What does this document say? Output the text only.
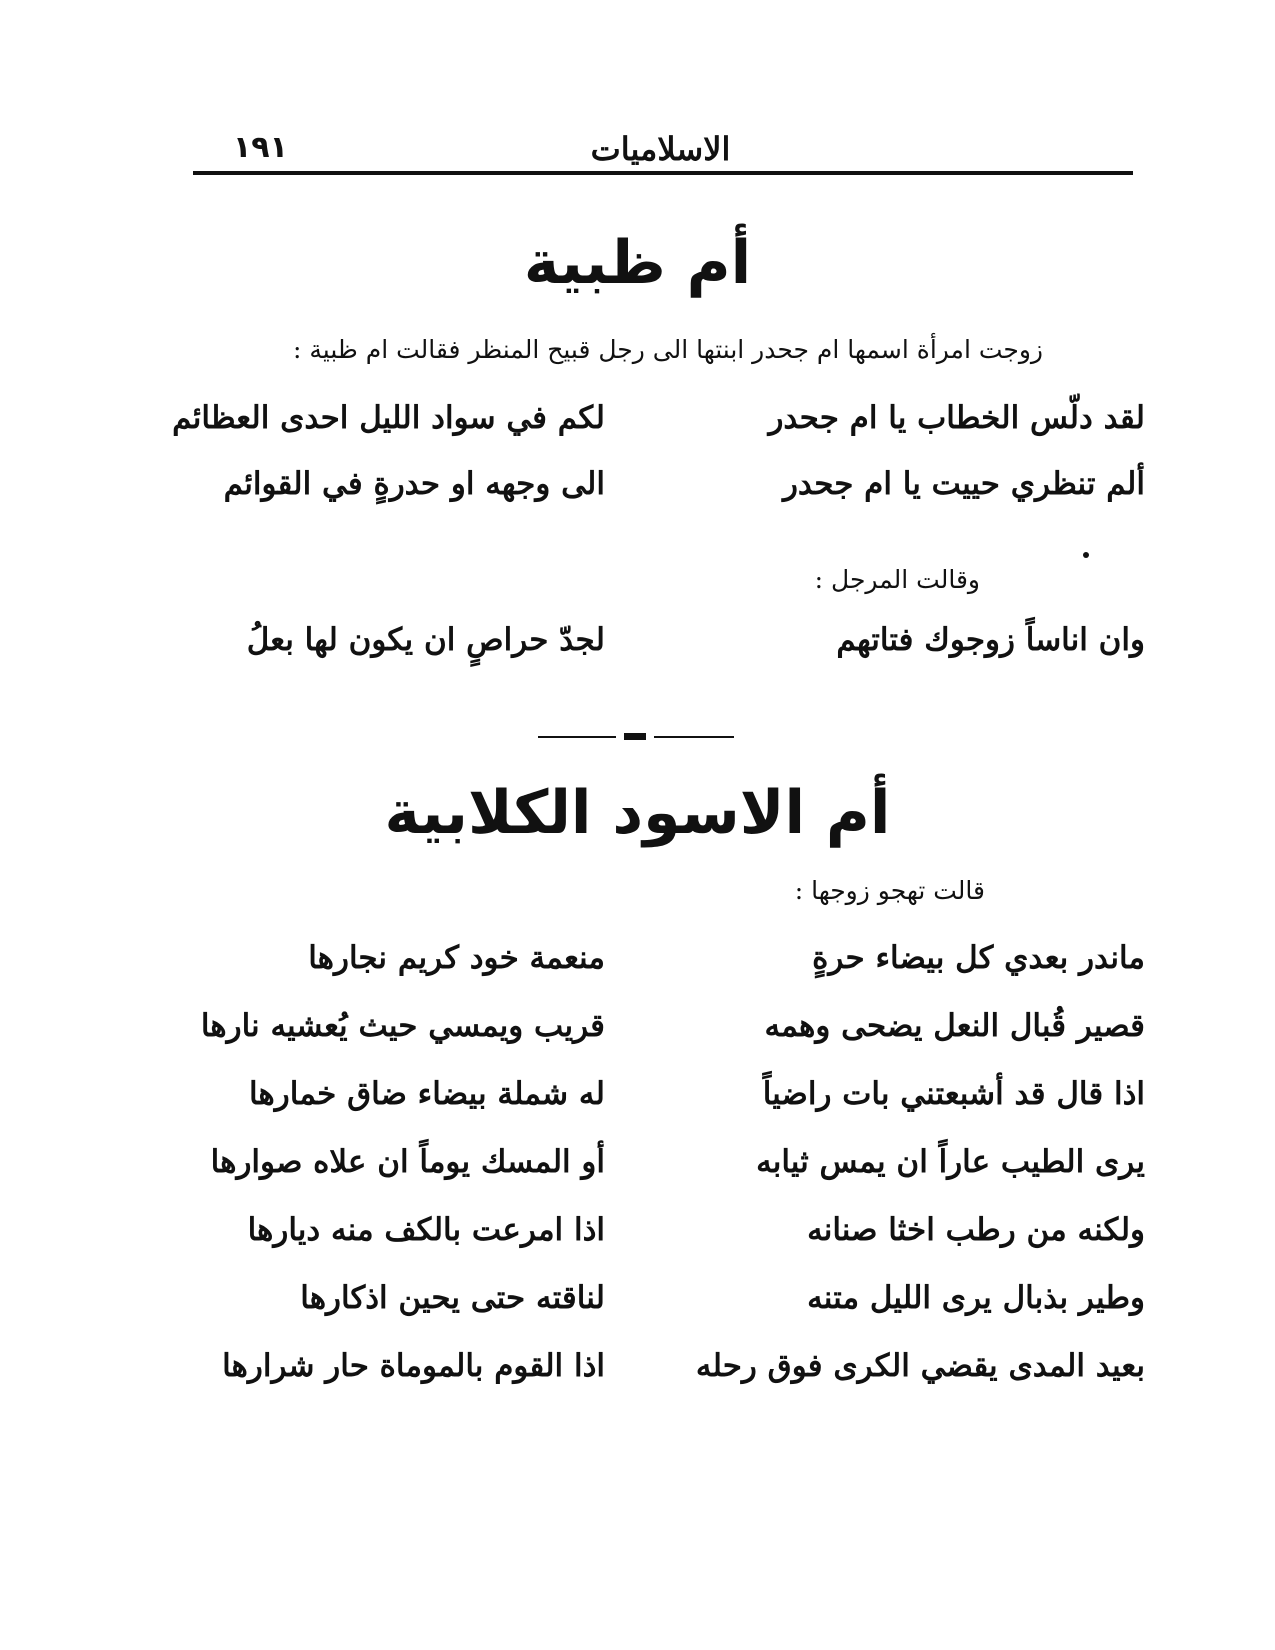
١٩١	الاسلاميات
أم ظبية
زوجت امرأة اسمها ام جحدر ابنتها الى رجل قبيح المنظر فقالت ام ظبية :
لقد دلّس الخطاب يا ام جحدر
لكم في سواد الليل احدى العظائم
ألم تنظري حييت يا ام جحدر
الى وجهه او حدرةٍ في القوائم
وقالت المرجل :
وان اناساً زوجوك فتاتهم
لجدّ حراصٍ ان يكون لها بعلُ
أم الاسود الكلابية
قالت تهجو زوجها :
ماندر بعدي كل بيضاء حرةٍ
منعمة خود كريم نجارها
قصير قُبال النعل يضحى وهمه
قريب ويمسي حيث يُعشيه نارها
اذا قال قد أشبعتني بات راضياً
له شملة بيضاء ضاق خمارها
يرى الطيب عاراً ان يمس ثيابه
أو المسك يوماً ان علاه صوارها
ولكنه من رطب اخثا صنانه
اذا امرعت بالكف منه ديارها
وطير بذبال يرى الليل متنه
لناقته حتى يحين اذكارها
بعيد المدى يقضي الكرى فوق رحله
اذا القوم بالموماة حار شرارها
